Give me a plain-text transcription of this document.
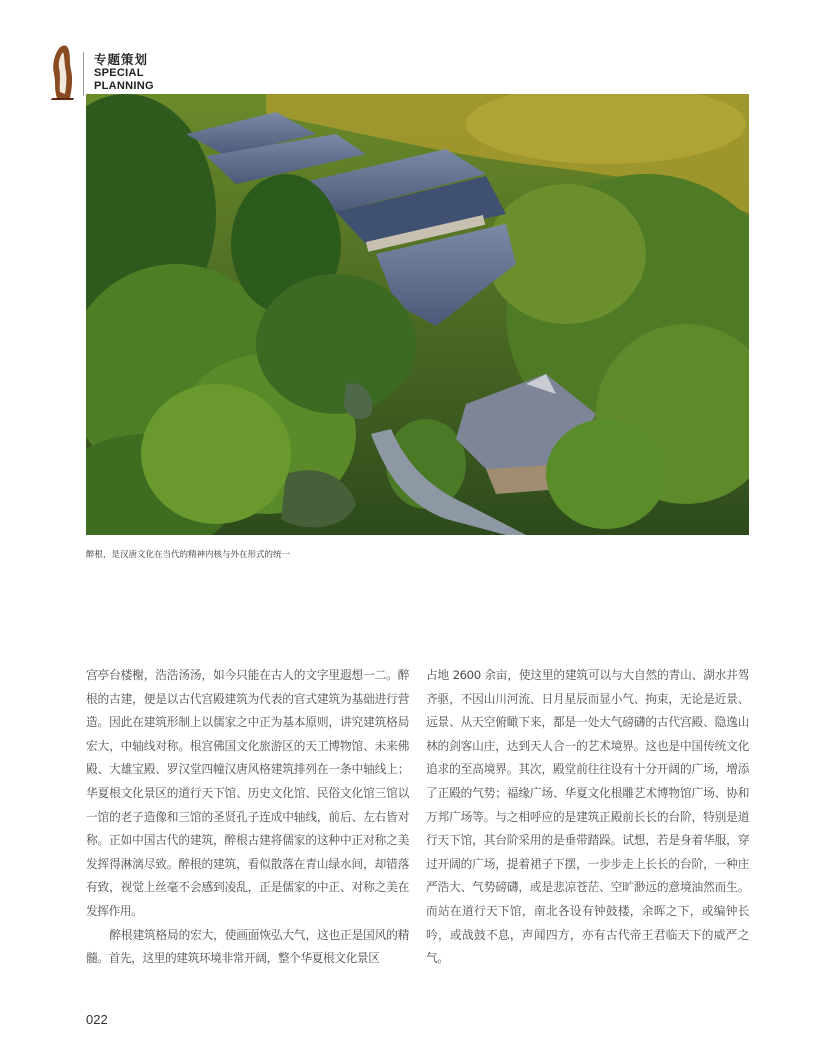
专题策划
SPECIAL PLANNING
醉根，是汉唐文化在当代的精神内核与外在形式的统一

宫亭台楼榭，浩浩汤汤，如今只能在古人的文字里遐想一二。醉根的古建，便是以古代宫殿建筑为代表的官式建筑为基础进行营造。因此在建筑形制上以儒家之中正为基本原则，讲究建筑格局宏大，中轴线对称。根宫佛国文化旅游区的天工博物馆、未来佛殿、大雄宝殿、罗汉堂四幢汉唐风格建筑排列在一条中轴线上；华夏根文化景区的道行天下馆、历史文化馆、民俗文化馆三馆以一馆的老子造像和三馆的圣贤孔子连成中轴线，前后、左右皆对称。正如中国古代的建筑，醉根古建将儒家的这种中正对称之美发挥得淋漓尽致。醉根的建筑，看似散落在青山绿水间，却错落有致，视觉上丝毫不会感到凌乱，正是儒家的中正、对称之美在发挥作用。

醉根建筑格局的宏大，使画面恢弘大气，这也正是国风的精髓。首先，这里的建筑环境非常开阔，整个华夏根文化景区

占地 2600 余亩，使这里的建筑可以与大自然的青山、湖水并驾齐驱，不因山川河流、日月星辰而显小气、拘束，无论是近景、远景、从天空俯瞰下来，都是一处大气磅礴的古代宫殿、隐逸山林的剑客山庄，达到天人合一的艺术境界。这也是中国传统文化追求的至高境界。其次，殿堂前往往设有十分开阔的广场，增添了正殿的气势；福缘广场、华夏文化根雕艺术博物馆广场、协和万邦广场等。与之相呼应的是建筑正殿前长长的台阶，特别是道行天下馆，其台阶采用的是垂带踏跺。试想，若是身着华服，穿过开阔的广场，提着裙子下摆，一步步走上长长的台阶，一种庄严浩大、气势磅礴，或是悲凉苍茫、空旷渺远的意境油然而生。而站在道行天下馆，南北各设有钟鼓楼，余晖之下，或编钟长吟，或战鼓不息，声闻四方，亦有古代帝王君临天下的威严之气。

022
